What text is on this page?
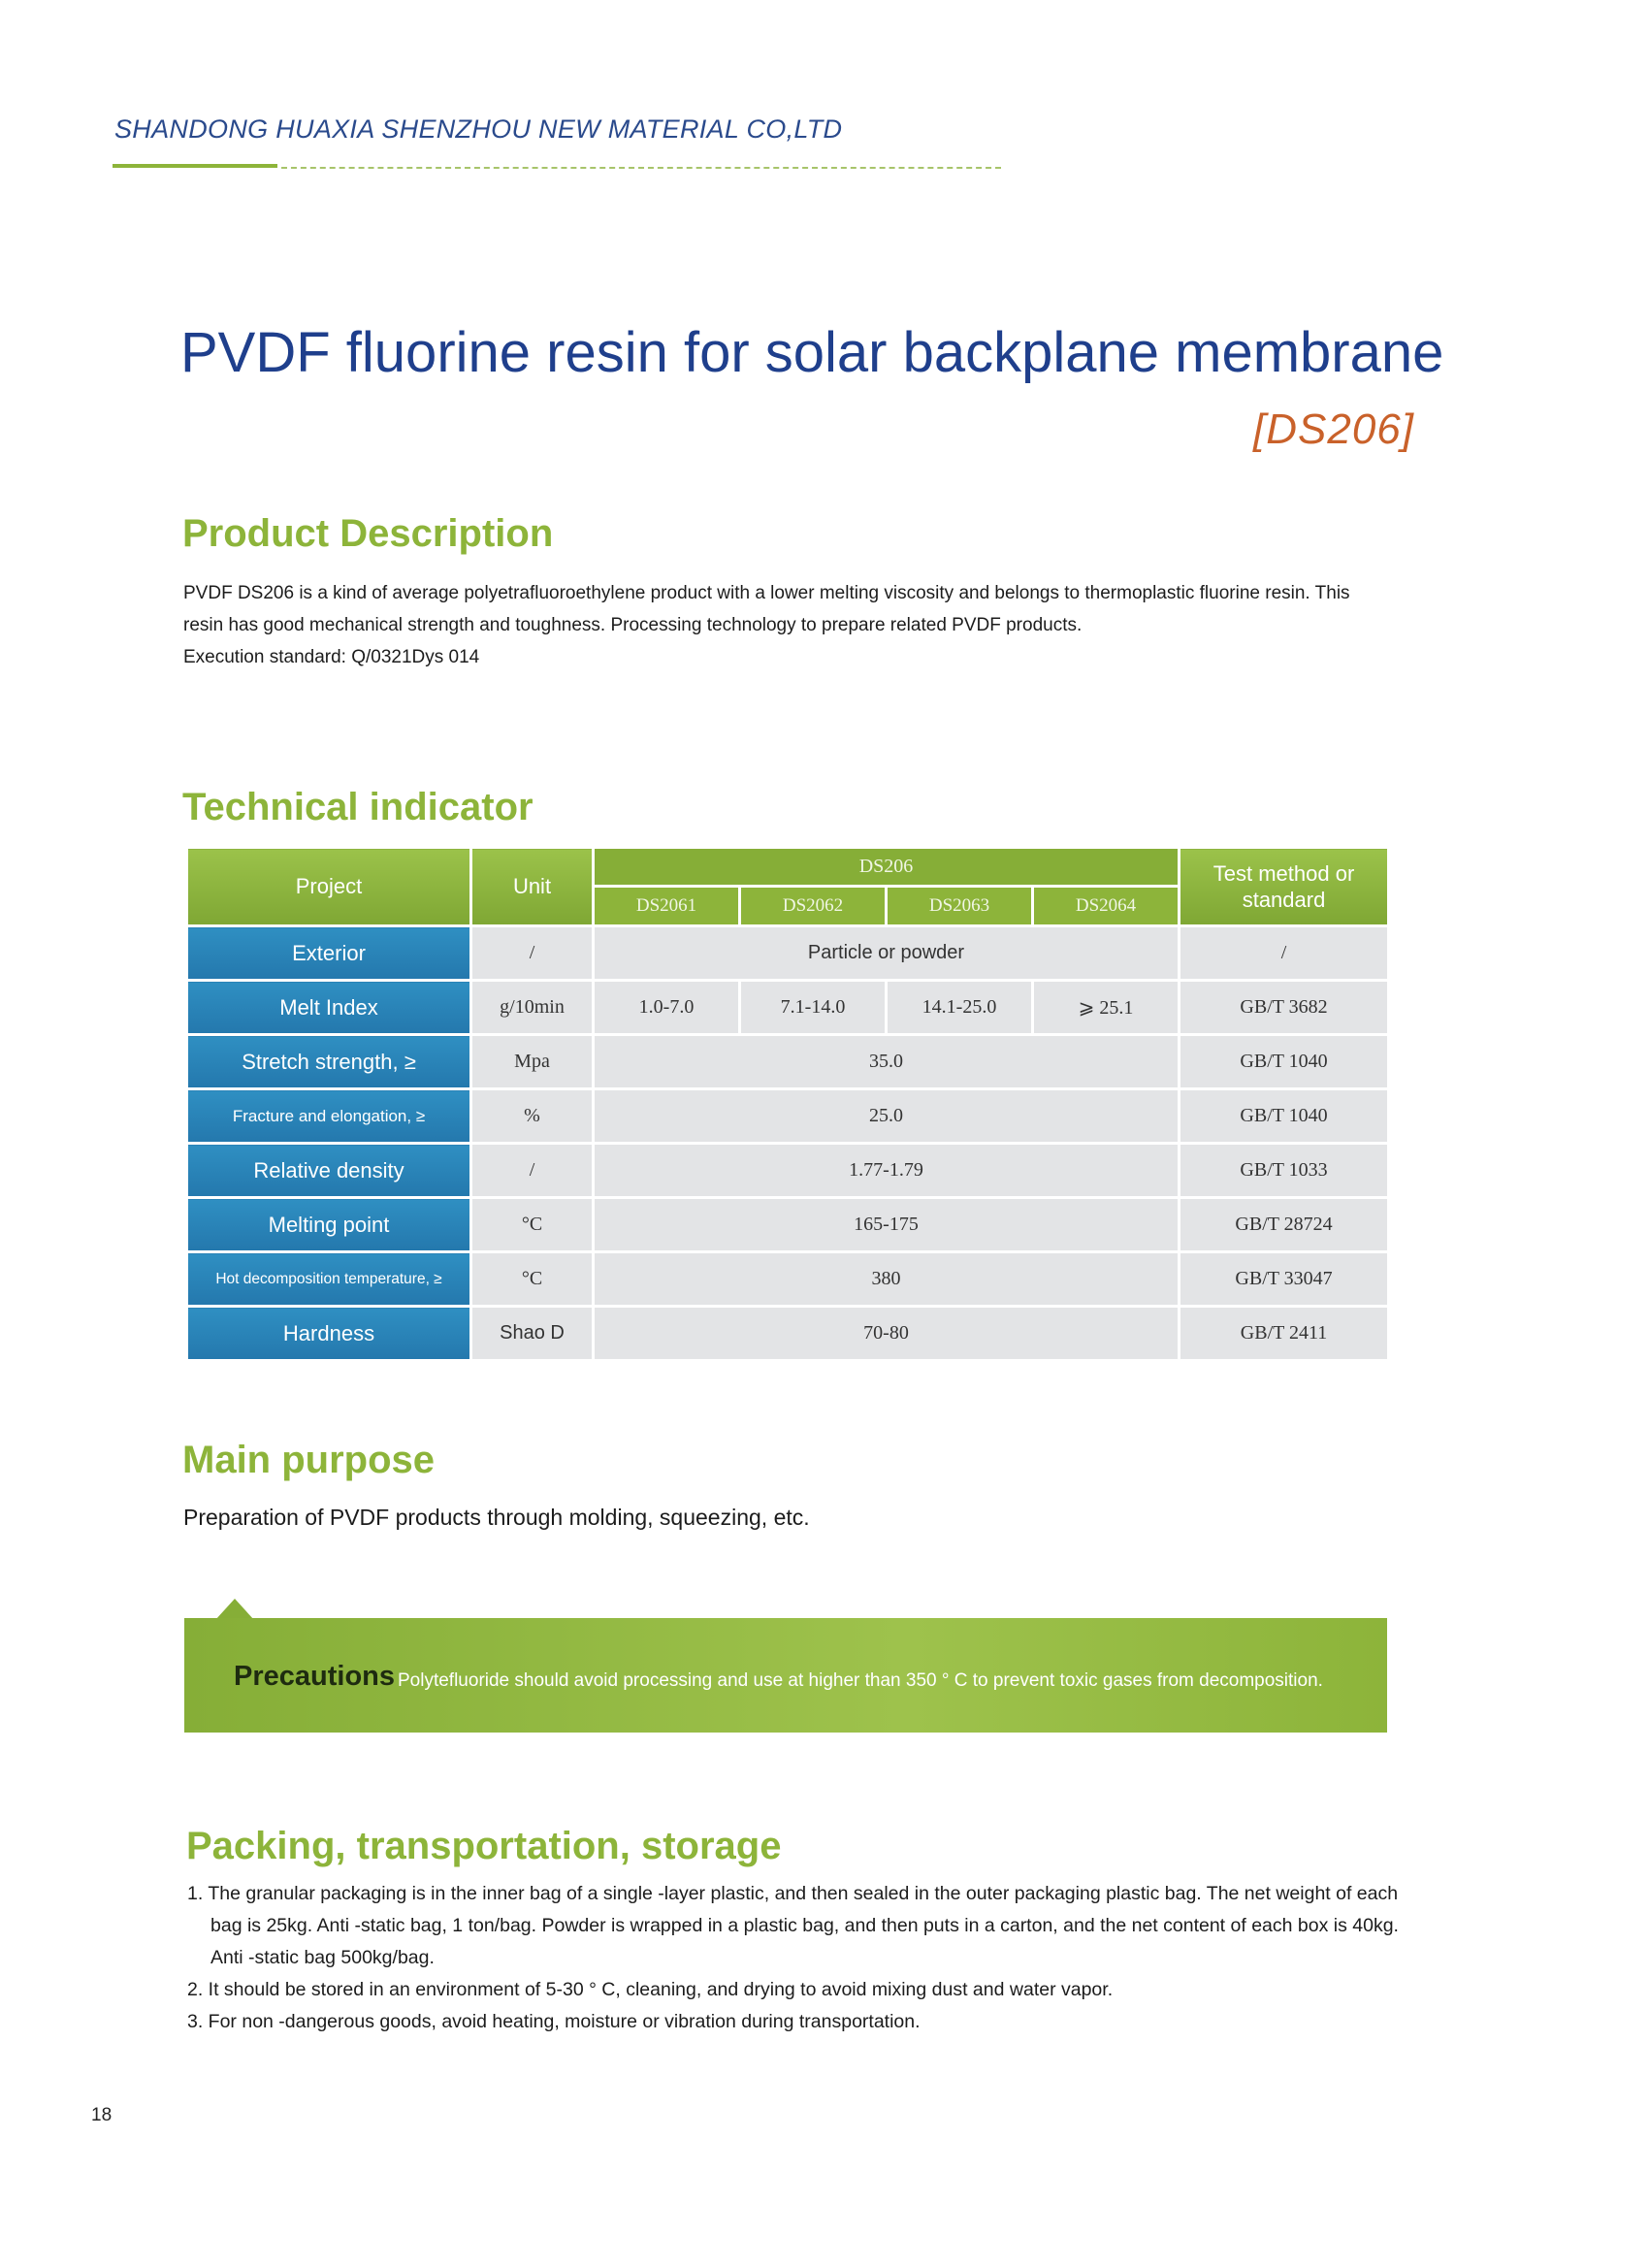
SHANDONG HUAXIA SHENZHOU NEW MATERIAL CO,LTD
PVDF fluorine resin for solar backplane membrane
[DS206]
Product Description
PVDF DS206 is a kind of average polyetrafluoroethylene product with a lower melting viscosity and belongs to thermoplastic fluorine resin. This
resin has good mechanical strength and toughness. Processing technology to prepare related PVDF products.
Execution standard: Q/0321Dys 014
Technical indicator
Project	Unit	DS206				Test method or standard
		DS2061	DS2062	DS2063	DS2064	
Exterior	/	Particle or powder				/
Melt Index	g/10min	1.0-7.0	7.1-14.0	14.1-25.0	⩾ 25.1	GB/T 3682
Stretch strength, ≥	Mpa	35.0				GB/T 1040
Fracture and elongation, ≥	%	25.0				GB/T 1040
Relative density	/	1.77-1.79				GB/T 1033
Melting point	°C	165-175				GB/T 28724
Hot decomposition temperature, ≥	°C	380				GB/T 33047
Hardness	Shao D	70-80				GB/T 2411
Main purpose
Preparation of PVDF products through molding, squeezing, etc.
Precautions Polytefluoride should avoid processing and use at higher than 350 ° C to prevent toxic gases from decomposition.
Packing, transportation, storage
1. The granular packaging is in the inner bag of a single -layer plastic, and then sealed in the outer packaging plastic bag. The net weight of each bag is 25kg. Anti -static bag, 1 ton/bag. Powder is wrapped in a plastic bag, and then puts in a carton, and the net content of each box is 40kg. Anti -static bag 500kg/bag.
2. It should be stored in an environment of 5-30 ° C, cleaning, and drying to avoid mixing dust and water vapor.
3. For non -dangerous goods, avoid heating, moisture or vibration during transportation.
18
